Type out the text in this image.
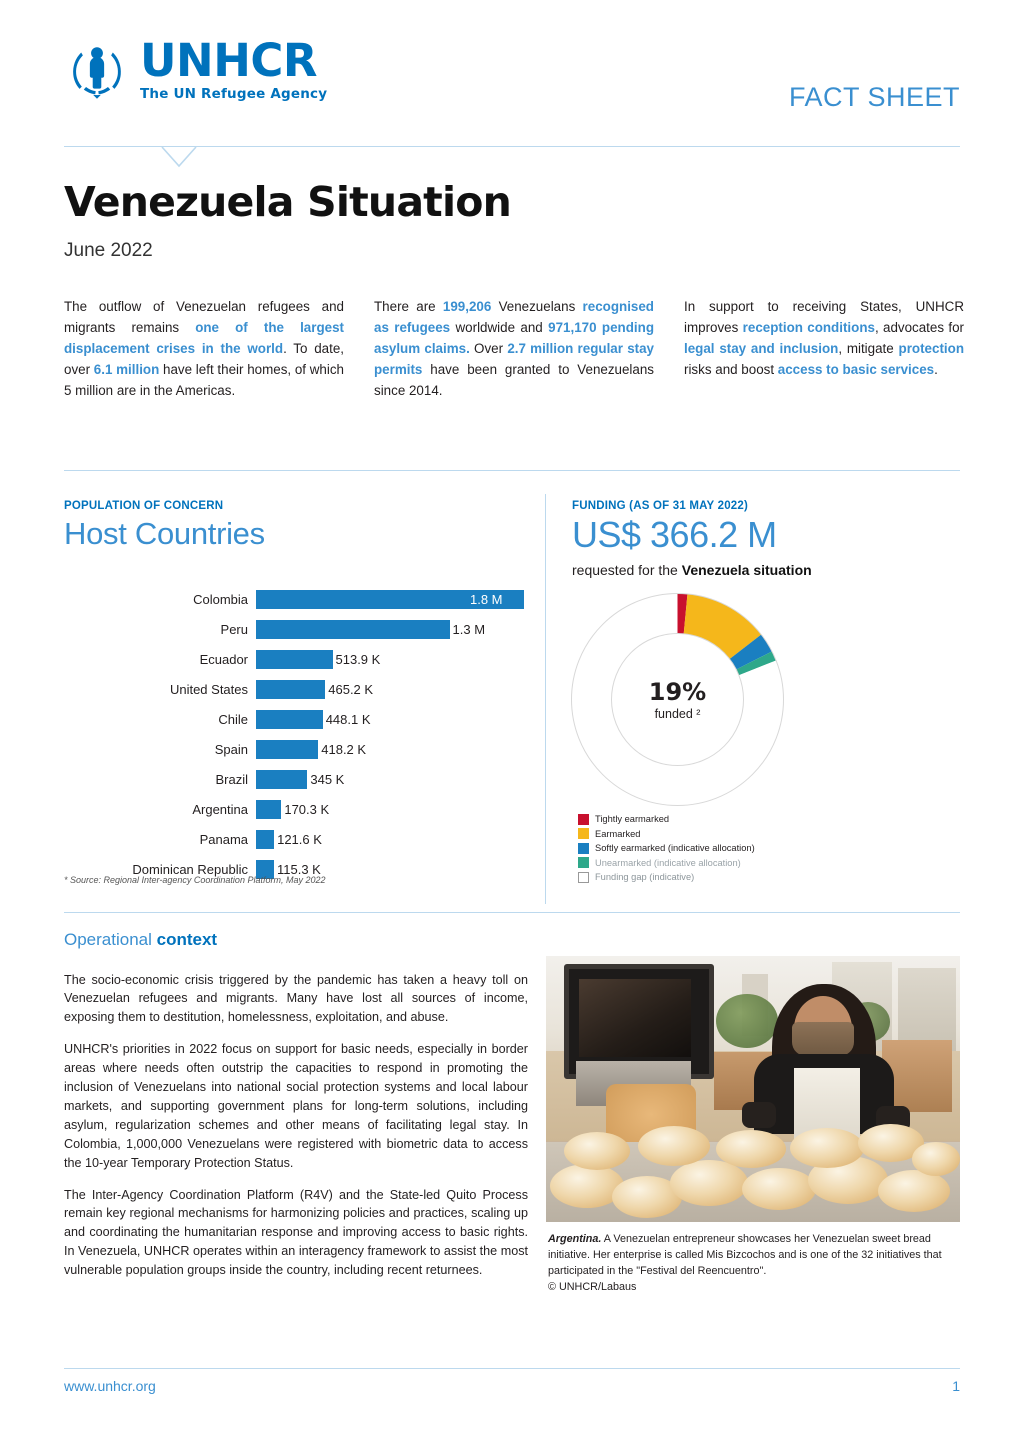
UNHCR
The UN Refugee Agency	FACT SHEET
Venezuela Situation
June 2022
The outflow of Venezuelan refugees and migrants remains one of the largest displacement crises in the world. To date, over 6.1 million have left their homes, of which 5 million are in the Americas.
There are 199,206 Venezuelans recognised as refugees worldwide and 971,170 pending asylum claims. Over 2.7 million regular stay permits have been granted to Venezuelans since 2014.
In support to receiving States, UNHCR improves reception conditions, advocates for legal stay and inclusion, mitigate protection risks and boost access to basic services.
POPULATION OF CONCERN
Host Countries
Colombia	1.8 M
Peru	1.3 M
Ecuador	513.9 K
United States	465.2 K
Chile	448.1 K
Spain	418.2 K
Brazil	345 K
Argentina	170.3 K
Panama	121.6 K
Dominican Republic	115.3 K
* Source: Regional Inter-agency Coordination Platform, May 2022
FUNDING (AS OF 31 MAY 2022)
US$ 366.2 M
requested for the Venezuela situation
19%
funded ²
Tightly earmarked
Earmarked
Softly earmarked (indicative allocation)
Unearmarked (indicative allocation)
Funding gap (indicative)
Operational context

The socio-economic crisis triggered by the pandemic has taken a heavy toll on Venezuelan refugees and migrants. Many have lost all sources of income, exposing them to destitution, homelessness, exploitation, and abuse.

UNHCR's priorities in 2022 focus on support for basic needs, especially in border areas where needs often outstrip the capacities to respond in promoting the inclusion of Venezuelans into national social protection systems and local labour markets, and supporting government plans for long-term solutions, including asylum, regularization schemes and other means of facilitating legal stay. In Colombia, 1,000,000 Venezuelans were registered with biometric data to access the 10-year Temporary Protection Status.

The Inter-Agency Coordination Platform (R4V) and the State-led Quito Process remain key regional mechanisms for harmonizing policies and practices, scaling up and coordinating the humanitarian response and improving access to basic rights. In Venezuela, UNHCR operates within an interagency framework to assist the most vulnerable population groups inside the country, including recent returnees.

Argentina. A Venezuelan entrepreneur showcases her Venezuelan sweet bread initiative. Her enterprise is called Mis Bizcochos and is one of the 32 initiatives that participated in the "Festival del Reencuentro".
© UNHCR/Labaus
www.unhcr.org	1
